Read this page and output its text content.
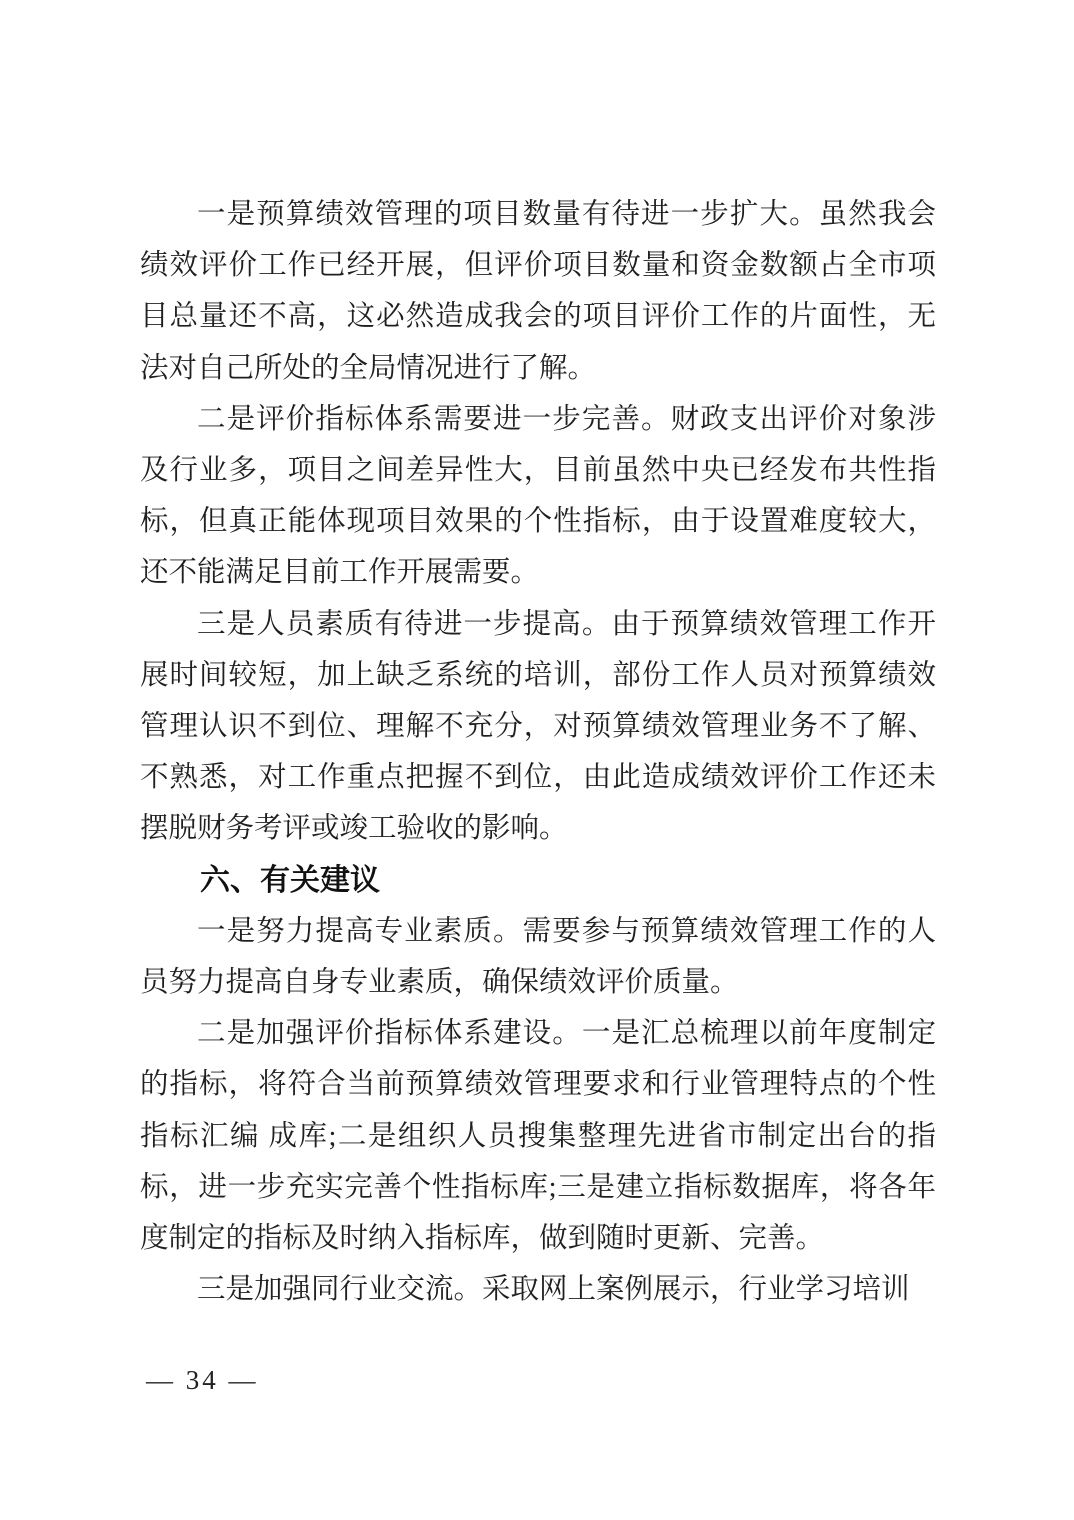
一是预算绩效管理的项目数量有待进一步扩大。虽然我会
绩效评价工作已经开展，但评价项目数量和资金数额占全市项
目总量还不高，这必然造成我会的项目评价工作的片面性，无
法对自己所处的全局情况进行了解。

二是评价指标体系需要进一步完善。财政支出评价对象涉
及行业多，项目之间差异性大，目前虽然中央已经发布共性指
标，但真正能体现项目效果的个性指标，由于设置难度较大，
还不能满足目前工作开展需要。

三是人员素质有待进一步提高。由于预算绩效管理工作开
展时间较短，加上缺乏系统的培训，部份工作人员对预算绩效
管理认识不到位、理解不充分，对预算绩效管理业务不了解、
不熟悉，对工作重点把握不到位，由此造成绩效评价工作还未
摆脱财务考评或竣工验收的影响。

六、有关建议

一是努力提高专业素质。需要参与预算绩效管理工作的人
员努力提高自身专业素质，确保绩效评价质量。

二是加强评价指标体系建设。一是汇总梳理以前年度制定
的指标，将符合当前预算绩效管理要求和行业管理特点的个性
指标汇编 成库;二是组织人员搜集整理先进省市制定出台的指
标，进一步充实完善个性指标库;三是建立指标数据库，将各年
度制定的指标及时纳入指标库，做到随时更新、完善。

三是加强同行业交流。采取网上案例展示，行业学习培训

— 34 —
